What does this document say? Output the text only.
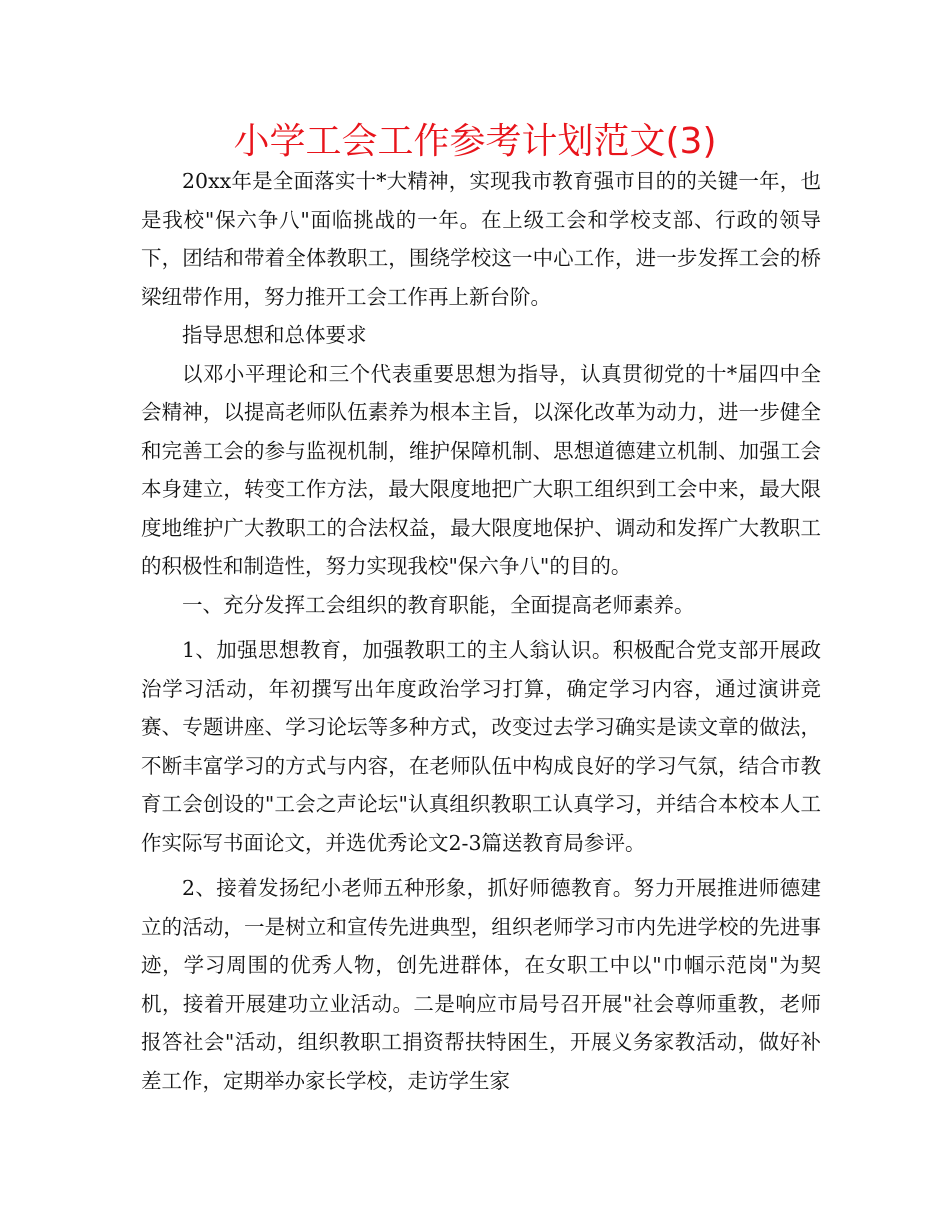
小学工会工作参考计划范文(3)

20xx年是全面落实十*大精神，实现我市教育强市目的的关键一年，也是我校"保六争八"面临挑战的一年。在上级工会和学校支部、行政的领导下，团结和带着全体教职工，围绕学校这一中心工作，进一步发挥工会的桥梁纽带作用，努力推开工会工作再上新台阶。

指导思想和总体要求

以邓小平理论和三个代表重要思想为指导，认真贯彻党的十*届四中全会精神，以提高老师队伍素养为根本主旨，以深化改革为动力，进一步健全和完善工会的参与监视机制，维护保障机制、思想道德建立机制、加强工会本身建立，转变工作方法，最大限度地把广大职工组织到工会中来，最大限度地维护广大教职工的合法权益，最大限度地保护、调动和发挥广大教职工的积极性和制造性，努力实现我校"保六争八"的目的。

一、充分发挥工会组织的教育职能，全面提高老师素养。

1、加强思想教育，加强教职工的主人翁认识。积极配合党支部开展政治学习活动，年初撰写出年度政治学习打算，确定学习内容，通过演讲竞赛、专题讲座、学习论坛等多种方式，改变过去学习确实是读文章的做法，不断丰富学习的方式与内容，在老师队伍中构成良好的学习气氛，结合市教育工会创设的"工会之声论坛"认真组织教职工认真学习，并结合本校本人工作实际写书面论文，并选优秀论文2-3篇送教育局参评。

2、接着发扬纪小老师五种形象，抓好师德教育。努力开展推进师德建立的活动，一是树立和宣传先进典型，组织老师学习市内先进学校的先进事迹，学习周围的优秀人物，创先进群体，在女职工中以"巾帼示范岗"为契机，接着开展建功立业活动。二是响应市局号召开展"社会尊师重教，老师报答社会"活动，组织教职工捐资帮扶特困生，开展义务家教活动，做好补差工作，定期举办家长学校，走访学生家
